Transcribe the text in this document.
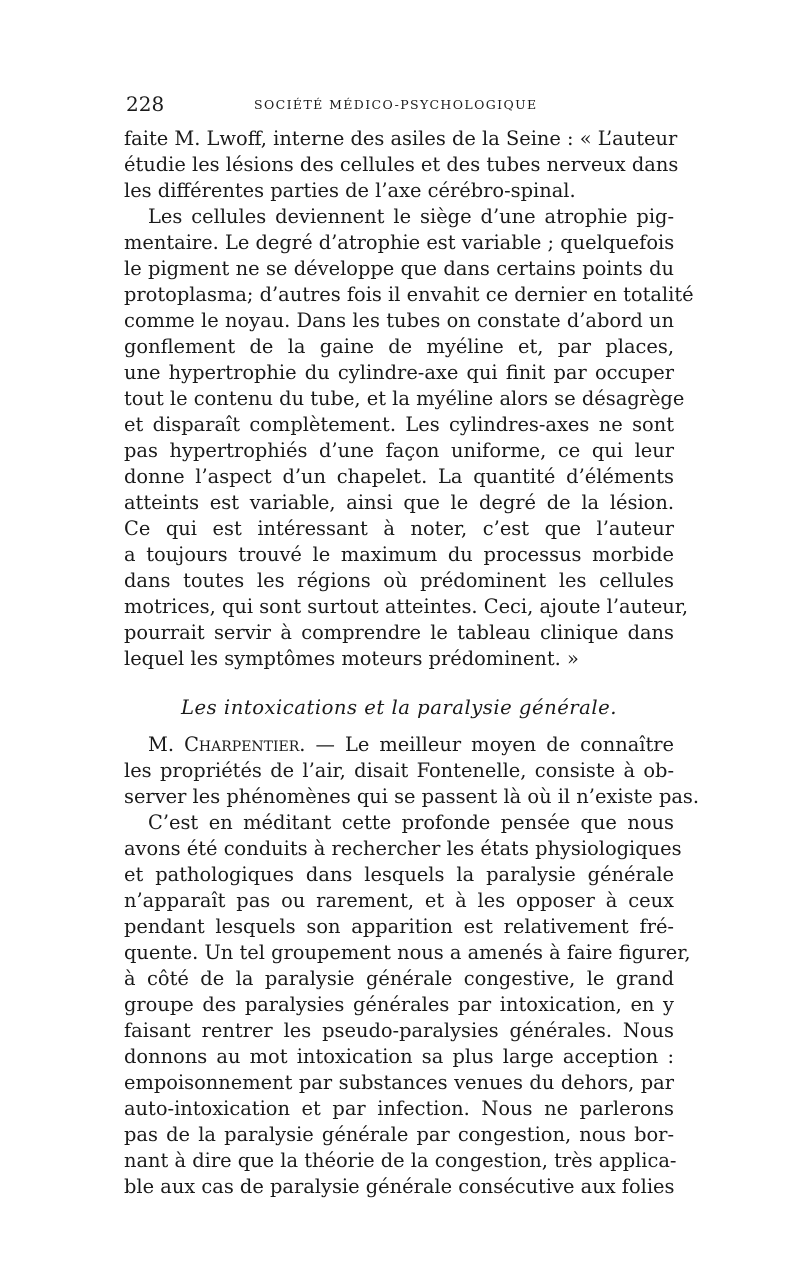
228	SOCIÉTÉ MÉDICO-PSYCHOLOGIQUE
faite M. Lwoff, interne des asiles de la Seine : « L’auteur
étudie les lésions des cellules et des tubes nerveux dans
les différentes parties de l’axe cérébro-spinal.
Les cellules deviennent le siège d’une atrophie pig-
mentaire. Le degré d’atrophie est variable ; quelquefois
le pigment ne se développe que dans certains points du
protoplasma; d’autres fois il envahit ce dernier en totalité
comme le noyau. Dans les tubes on constate d’abord un
gonflement de la gaine de myéline et, par places,
une hypertrophie du cylindre-axe qui finit par occuper
tout le contenu du tube, et la myéline alors se désagrège
et disparaît complètement. Les cylindres-axes ne sont
pas hypertrophiés d’une façon uniforme, ce qui leur
donne l’aspect d’un chapelet. La quantité d’éléments
atteints est variable, ainsi que le degré de la lésion.
Ce qui est intéressant à noter, c’est que l’auteur
a toujours trouvé le maximum du processus morbide
dans toutes les régions où prédominent les cellules
motrices, qui sont surtout atteintes. Ceci, ajoute l’auteur,
pourrait servir à comprendre le tableau clinique dans
lequel les symptômes moteurs prédominent. »
Les intoxications et la paralysie générale.
M. Charpentier. — Le meilleur moyen de connaître
les propriétés de l’air, disait Fontenelle, consiste à ob-
server les phénomènes qui se passent là où il n’existe pas.
C’est en méditant cette profonde pensée que nous
avons été conduits à rechercher les états physiologiques
et pathologiques dans lesquels la paralysie générale
n’apparaît pas ou rarement, et à les opposer à ceux
pendant lesquels son apparition est relativement fré-
quente. Un tel groupement nous a amenés à faire figurer,
à côté de la paralysie générale congestive, le grand
groupe des paralysies générales par intoxication, en y
faisant rentrer les pseudo-paralysies générales. Nous
donnons au mot intoxication sa plus large acception :
empoisonnement par substances venues du dehors, par
auto-intoxication et par infection. Nous ne parlerons
pas de la paralysie générale par congestion, nous bor-
nant à dire que la théorie de la congestion, très applica-
ble aux cas de paralysie générale consécutive aux folies
